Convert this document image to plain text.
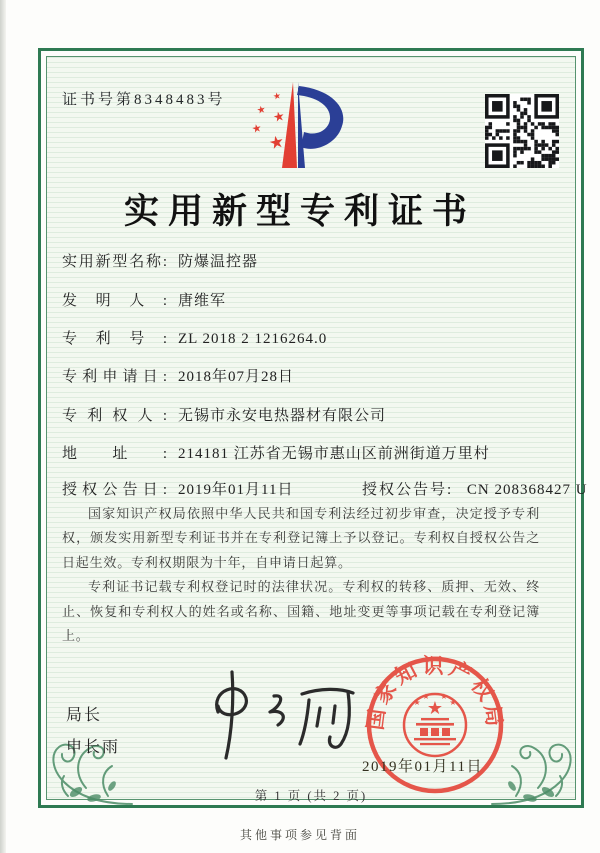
证书号第8348483号	★
★ ★
★
★
实用新型专利证书
实用新型名称: 防爆温控器
发明人: 唐维军
专利号: ZL 2018 2 1216264.0
专利申请日: 2018年07月28日
专利权人: 无锡市永安电热器材有限公司
地址: 214181 江苏省无锡市惠山区前洲街道万里村
授权公告日: 2019年01月11日	授权公告号: CN 208368427 U

国家知识产权局依照中华人民共和国专利法经过初步审查，决定授予专利权，颁发实用新型专利证书并在专利登记簿上予以登记。专利权自授权公告之日起生效。专利权期限为十年，自申请日起算。

专利证书记载专利权登记时的法律状况。专利权的转移、质押、无效、终止、恢复和专利权人的姓名或名称、国籍、地址变更等事项记载在专利登记簿上。

局长
申长雨
国家知识产权局
★
★
★ ★
★
2019年01月11日
第 1 页 (共 2 页)
其他事项参见背面
